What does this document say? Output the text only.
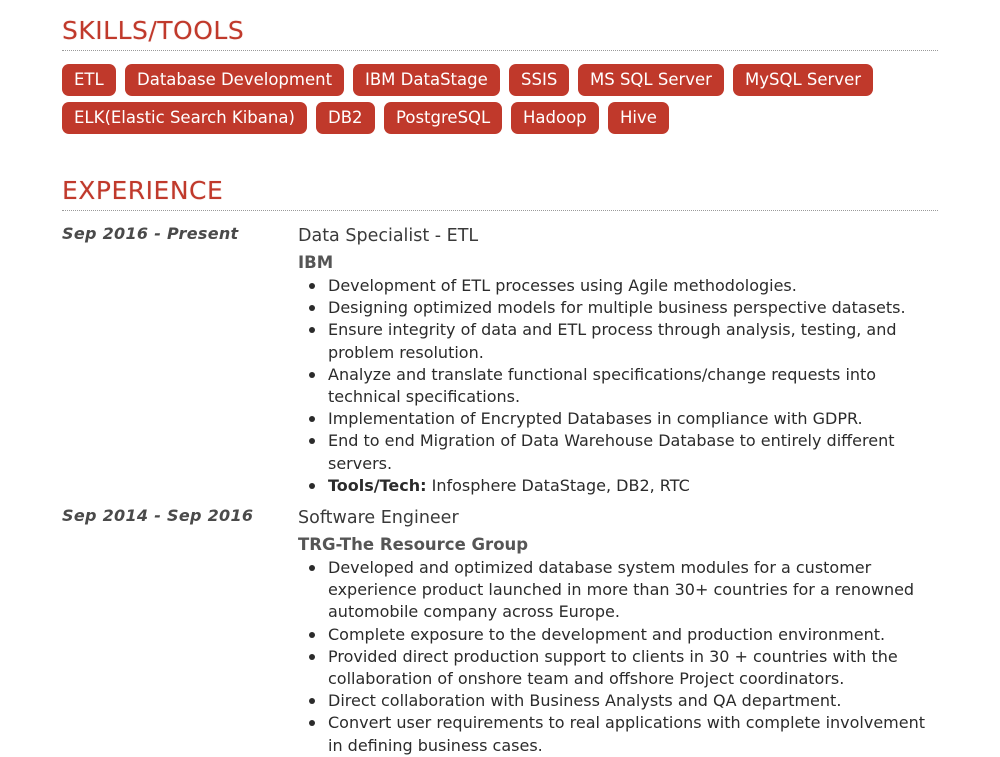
SKILLS/TOOLS
ETL	Database Development	IBM DataStage	SSIS	MS SQL Server	MySQL Server
ELK(Elastic Search Kibana)	DB2	PostgreSQL	Hadoop	Hive
EXPERIENCE
Sep 2016 - Present	Data Specialist - ETL
IBM
Development of ETL processes using Agile methodologies.
Designing optimized models for multiple business perspective datasets.
Ensure integrity of data and ETL process through analysis, testing, and problem resolution.
Analyze and translate functional specifications/change requests into technical specifications.
Implementation of Encrypted Databases in compliance with GDPR.
End to end Migration of Data Warehouse Database to entirely different servers.
Tools/Tech: Infosphere DataStage, DB2, RTC
Sep 2014 - Sep 2016	Software Engineer
TRG-The Resource Group
Developed and optimized database system modules for a customer experience product launched in more than 30+ countries for a renowned automobile company across Europe.
Complete exposure to the development and production environment.
Provided direct production support to clients in 30 + countries with the collaboration of onshore team and offshore Project coordinators.
Direct collaboration with Business Analysts and QA department.
Convert user requirements to real applications with complete involvement in defining business cases.
